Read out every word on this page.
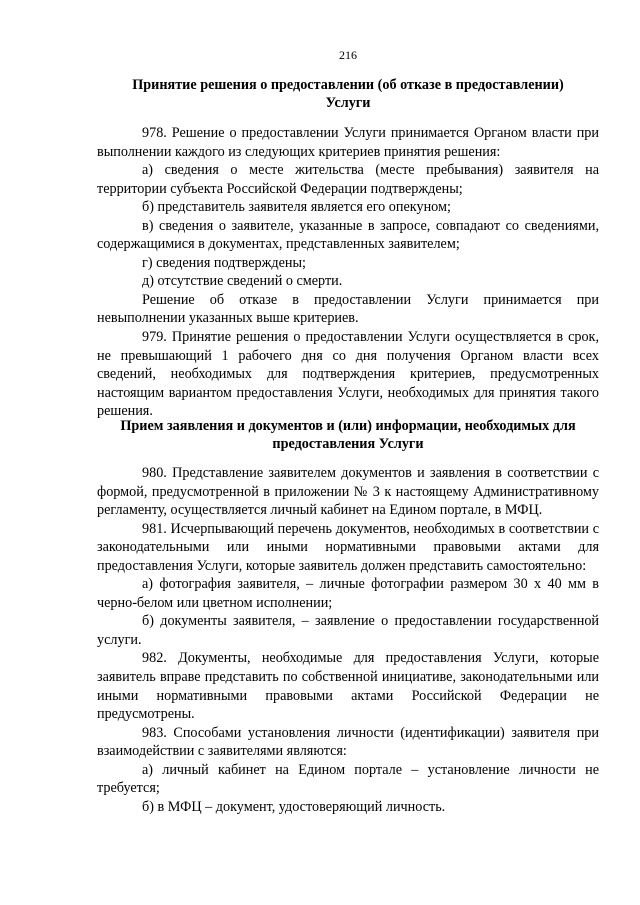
216
Принятие решения о предоставлении (об отказе в предоставлении)
Услуги

978. Решение о предоставлении Услуги принимается Органом власти при выполнении каждого из следующих критериев принятия решения:

а) сведения о месте жительства (месте пребывания) заявителя на территории субъекта Российской Федерации подтверждены;

б) представитель заявителя является его опекуном;

в) сведения о заявителе, указанные в запросе, совпадают со сведениями, содержащимися в документах, представленных заявителем;

г) сведения подтверждены;

д) отсутствие сведений о смерти.

Решение об отказе в предоставлении Услуги принимается при невыполнении указанных выше критериев.

979. Принятие решения о предоставлении Услуги осуществляется в срок, не превышающий 1 рабочего дня со дня получения Органом власти всех сведений, необходимых для подтверждения критериев, предусмотренных настоящим вариантом предоставления Услуги, необходимых для принятия такого решения.

Прием заявления и документов и (или) информации, необходимых для
предоставления Услуги

980. Представление заявителем документов и заявления в соответствии с формой, предусмотренной в приложении № 3 к настоящему Административному регламенту, осуществляется личный кабинет на Едином портале, в МФЦ.

981. Исчерпывающий перечень документов, необходимых в соответствии с законодательными или иными нормативными правовыми актами для предоставления Услуги, которые заявитель должен представить самостоятельно:

а) фотография заявителя, – личные фотографии размером 30 х 40 мм в черно-белом или цветном исполнении;

б) документы заявителя, – заявление о предоставлении государственной услуги.

982. Документы, необходимые для предоставления Услуги, которые заявитель вправе представить по собственной инициативе, законодательными или иными нормативными правовыми актами Российской Федерации не предусмотрены.

983. Способами установления личности (идентификации) заявителя при взаимодействии с заявителями являются:

а) личный кабинет на Едином портале – установление личности не требуется;

б) в МФЦ – документ, удостоверяющий личность.
